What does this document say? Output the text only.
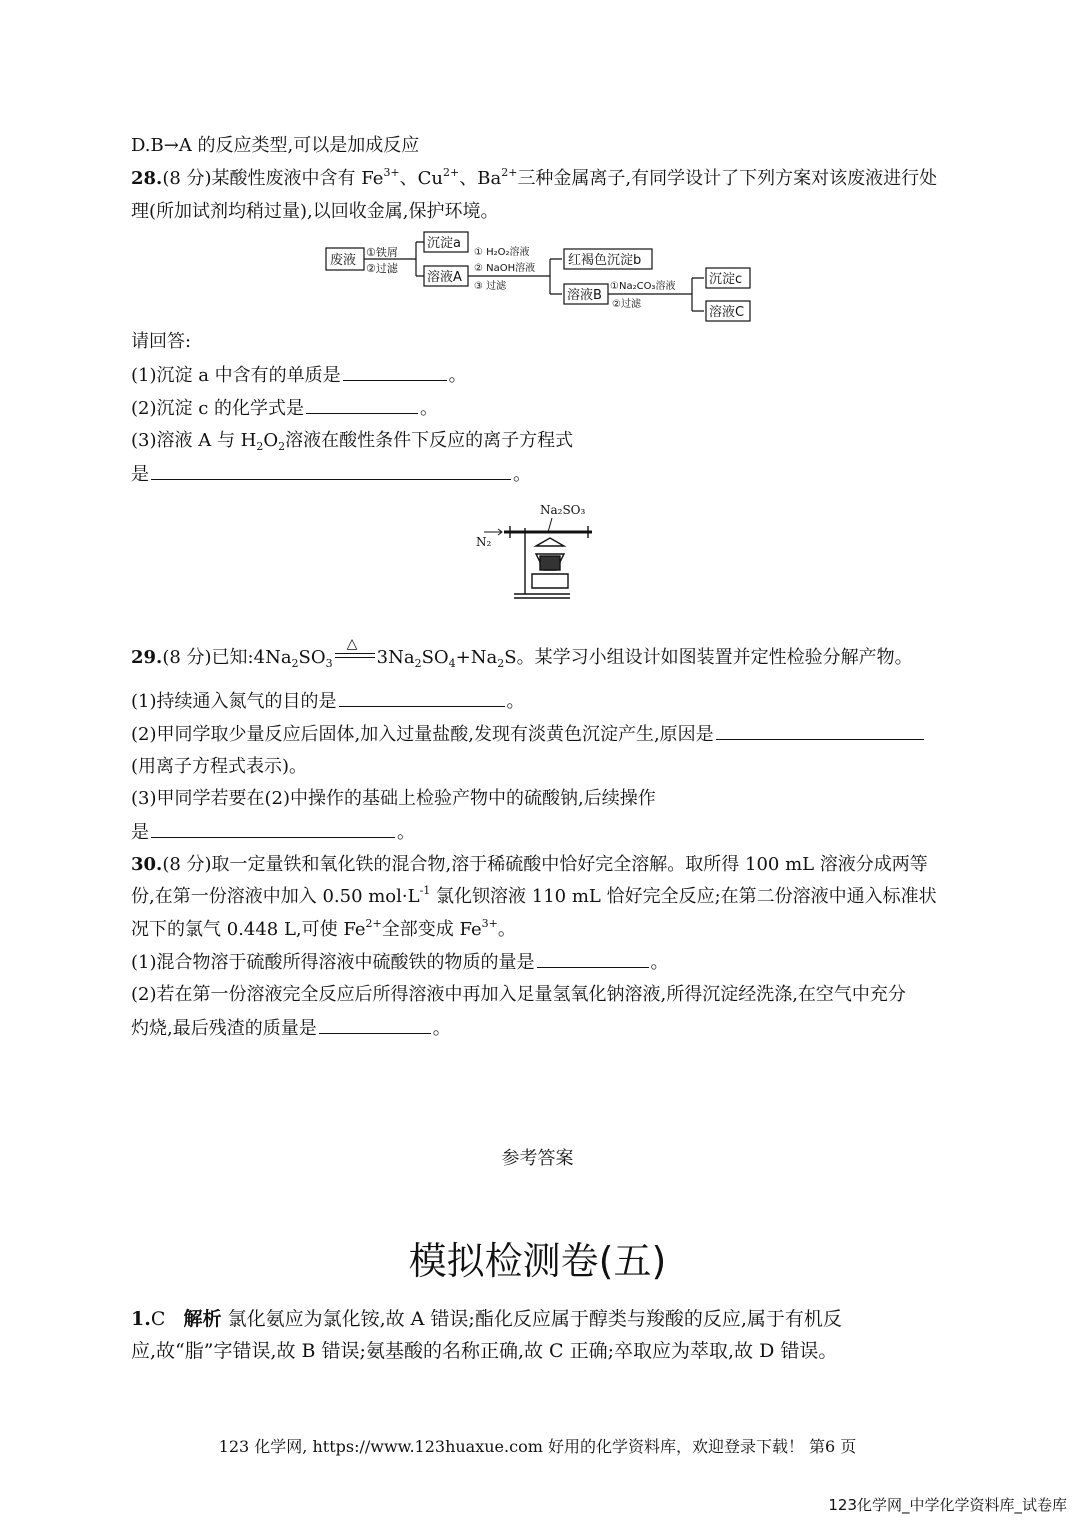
D.B→A 的反应类型,可以是加成反应
28.(8 分)某酸性废液中含有 $Fe^{3+}$、$Cu^{2+}$、$Ba^{2+}$三种金属离子,有同学设计了下列方案对该废液进行处
理(所加试剂均稍过量),以回收金属,保护环境。
废液
①铁屑
②过滤
沉淀a
溶液A
① H₂O₂溶液
② NaOH溶液
③ 过滤
红褐色沉淀b
溶液B
①Na₂CO₃溶液
②过滤
沉淀c
溶液C
请回答:
(1)沉淀 a 中含有的单质是	。
(2)沉淀 c 的化学式是	。
(3)溶液 A 与 $H_2O_2$溶液在酸性条件下反应的离子方程式
是	。
Na₂SO₃
N₂
29.(8 分)已知$:4Na_2SO_3$
△
$3Na_2SO_4+Na_2S$。某学习小组设计如图装置并定性检验分解产物。
(1)持续通入氮气的目的是	。
(2)甲同学取少量反应后固体,加入过量盐酸,发现有淡黄色沉淀产生,原因是
(用离子方程式表示)。
(3)甲同学若要在(2)中操作的基础上检验产物中的硫酸钠,后续操作
是	。
30.(8 分)取一定量铁和氧化铁的混合物,溶于稀硫酸中恰好完全溶解。取所得 100 mL 溶液分成两等
份,在第一份溶液中加入 0.50 $mol\cdot L^{-1}$ 氯化钡溶液 110 mL 恰好完全反应;在第二份溶液中通入标准状
况下的氯气 0.448 L,可使 $Fe^{2+}$全部变成 $Fe^{3+}$。
(1)混合物溶于硫酸所得溶液中硫酸铁的物质的量是	。
(2)若在第一份溶液完全反应后所得溶液中再加入足量氢氧化钠溶液,所得沉淀经洗涤,在空气中充分
灼烧,最后残渣的质量是	。
参考答案
模拟检测卷(五)
1.C 解析 氯化氨应为氯化铵,故 A 错误;酯化反应属于醇类与羧酸的反应,属于有机反
应,故“脂”字错误,故 B 错误;氨基酸的名称正确,故 C 正确;卒取应为萃取,故 D 错误。
123 化学网, https://www.123huaxue.com 好用的化学资料库，欢迎登录下载！ 第6 页
123化学网_中学化学资料库_试卷库
